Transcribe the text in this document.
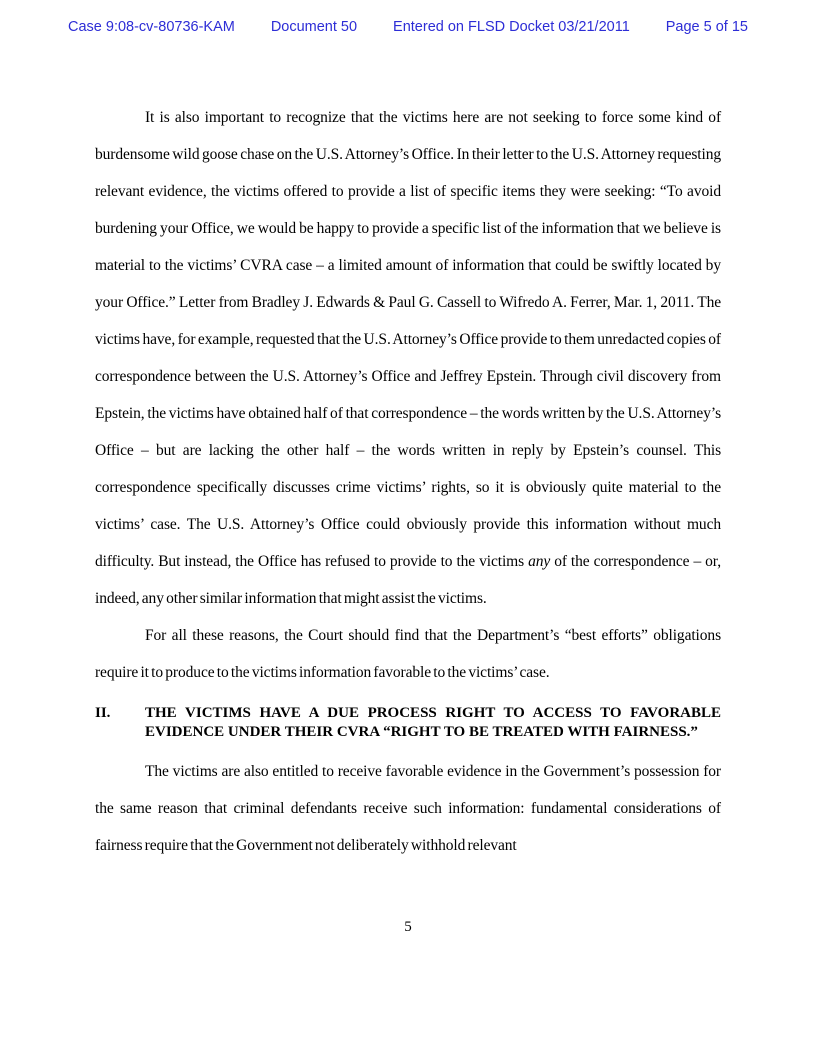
Case 9:08-cv-80736-KAM Document 50 Entered on FLSD Docket 03/21/2011 Page 5 of 15

It is also important to recognize that the victims here are not seeking to force some kind of burdensome wild goose chase on the U.S. Attorney’s Office. In their letter to the U.S. Attorney requesting relevant evidence, the victims offered to provide a list of specific items they were seeking: “To avoid burdening your Office, we would be happy to provide a specific list of the information that we believe is material to the victims’ CVRA case – a limited amount of information that could be swiftly located by your Office.” Letter from Bradley J. Edwards & Paul G. Cassell to Wifredo A. Ferrer, Mar. 1, 2011. The victims have, for example, requested that the U.S. Attorney’s Office provide to them unredacted copies of correspondence between the U.S. Attorney’s Office and Jeffrey Epstein. Through civil discovery from Epstein, the victims have obtained half of that correspondence – the words written by the U.S. Attorney’s Office – but are lacking the other half – the words written in reply by Epstein’s counsel. This correspondence specifically discusses crime victims’ rights, so it is obviously quite material to the victims’ case. The U.S. Attorney’s Office could obviously provide this information without much difficulty. But instead, the Office has refused to provide to the victims any of the correspondence – or, indeed, any other similar information that might assist the victims.

For all these reasons, the Court should find that the Department’s “best efforts” obligations require it to produce to the victims information favorable to the victims’ case.

II. THE VICTIMS HAVE A DUE PROCESS RIGHT TO ACCESS TO FAVORABLE EVIDENCE UNDER THEIR CVRA “RIGHT TO BE TREATED WITH FAIRNESS.”

The victims are also entitled to receive favorable evidence in the Government’s possession for the same reason that criminal defendants receive such information: fundamental considerations of fairness require that the Government not deliberately withhold relevant

5
